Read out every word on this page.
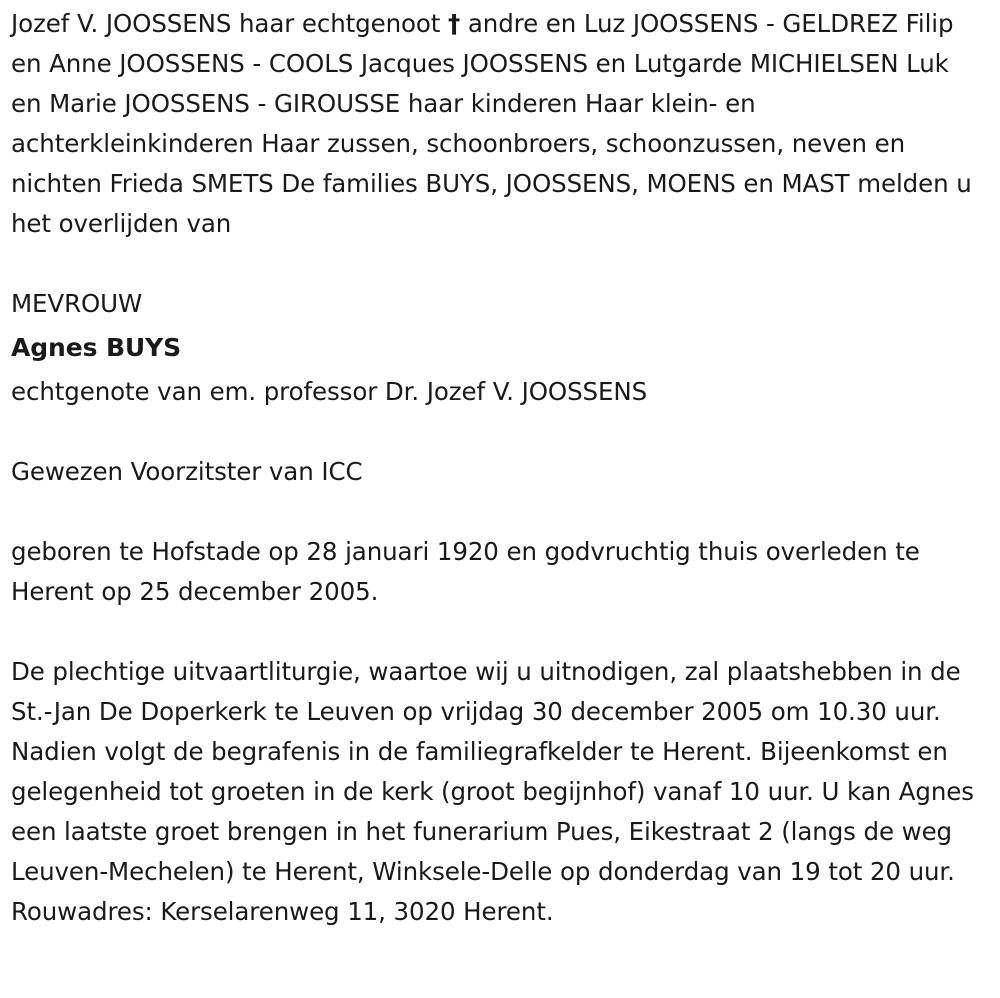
Jozef V. JOOSSENS haar echtgenoot † andre en Luz JOOSSENS - GELDREZ Filip en Anne JOOSSENS - COOLS Jacques JOOSSENS en Lutgarde MICHIELSEN Luk en Marie JOOSSENS - GIROUSSE haar kinderen Haar klein- en achterkleinkinderen Haar zussen, schoonbroers, schoonzussen, neven en nichten Frieda SMETS De families BUYS, JOOSSENS, MOENS en MAST melden u het overlijden van

MEVROUW

Agnes BUYS

echtgenote van em. professor Dr. Jozef V. JOOSSENS

Gewezen Voorzitster van ICC

geboren te Hofstade op 28 januari 1920 en godvruchtig thuis overleden te Herent op 25 december 2005.

De plechtige uitvaartliturgie, waartoe wij u uitnodigen, zal plaatshebben in de St.-Jan De Doperkerk te Leuven op vrijdag 30 december 2005 om 10.30 uur. Nadien volgt de begrafenis in de familiegrafkelder te Herent. Bijeenkomst en gelegenheid tot groeten in de kerk (groot begijnhof) vanaf 10 uur. U kan Agnes een laatste groet brengen in het funerarium Pues, Eikestraat 2 (langs de weg Leuven-Mechelen) te Herent, Winksele-Delle op donderdag van 19 tot 20 uur. Rouwadres: Kerselarenweg 11, 3020 Herent.
